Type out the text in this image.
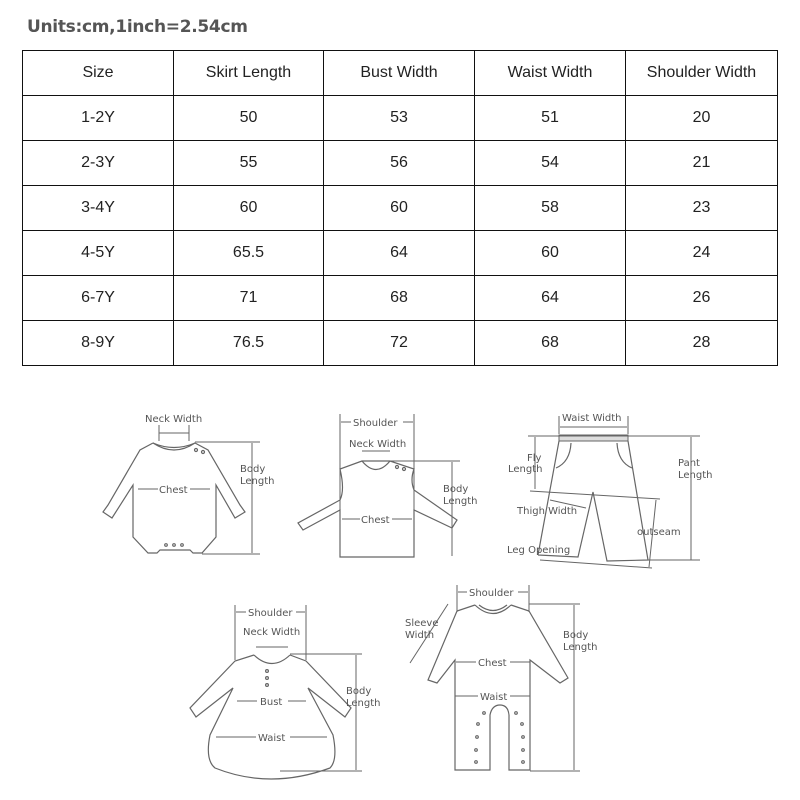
Units:cm,1inch=2.54cm
Size	Skirt Length	Bust Width	Waist Width	Shoulder Width
1-2Y	50	53	51	20
2-3Y	55	56	54	21
3-4Y	60	60	58	23
4-5Y	65.5	64	60	24
6-7Y	71	68	64	26
8-9Y	76.5	72	68	28
Neck Width
Chest
Body
Length
Shoulder
Neck Width
Chest
Body
Length
Waist Width
Fly
Length
Pant
Length
Thigh Width
outseam
Leg Opening
Shoulder
Neck Width
Bust
Waist
Body
Length
Shoulder
Sleeve
Width
Chest
Waist
Body
Length
